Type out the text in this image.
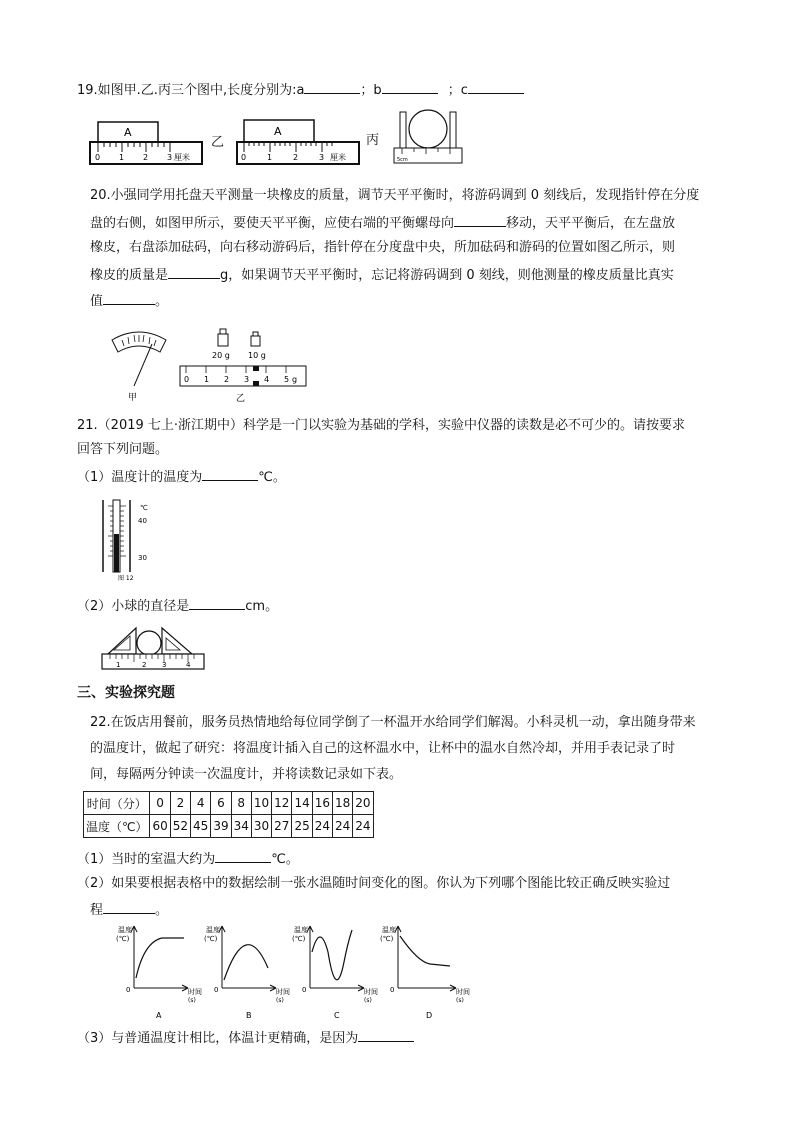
19.如图甲.乙.丙三个图中,长度分别为:a	；b	；c
A
0 1 2 3 厘米
乙
A
0	1	2	3 厘米
丙
5cm
20.小强同学用托盘天平测量一块橡皮的质量，调节天平平衡时，将游码调到 0 刻线后，发现指针停在分度
盘的右侧，如图甲所示，要使天平平衡，应使右端的平衡螺母向	移动，天平平衡后，在左盘放
橡皮，右盘添加砝码，向右移动游码后，指针停在分度盘中央，所加砝码和游码的位置如图乙所示，则
橡皮的质量是	g，如果调节天平平衡时，忘记将游码调到 0 刻线，则他测量的橡皮质量比真实
值	。
甲
20 g 10 g
0 1 2 3 4 5 g
乙
21.（2019 七上·浙江期中）科学是一门以实验为基础的学科，实验中仪器的读数是必不可少的。请按要求
回答下列问题。
（1）温度计的温度为	℃。
℃
40
30
图 12
（2）小球的直径是	cm。
1	2 3	4
三、实验探究题
22.在饭店用餐前，服务员热情地给每位同学倒了一杯温开水给同学们解渴。小科灵机一动，拿出随身带来
的温度计，做起了研究：将温度计插入自己的这杯温水中，让杯中的温水自然冷却，并用手表记录了时
间，每隔两分钟读一次温度计，并将读数记录如下表。
时间（分）	0	2	4	6	8	10	12	14	16	18	20
温度（℃）	60	52	45	39	34	30	27	25	24	24	24
（1）当时的室温大约为	℃。
（2）如果要根据表格中的数据绘制一张水温随时间变化的图。你认为下列哪个图能比较正确反映实验过
程	。
温度
(℃)
0	时间
(s)
A
温度
(℃)
0	时间
(s)
B
温度
(℃)
0	时间
(s)
C
温度
(℃)
0	时间
(s)
D
（3）与普通温度计相比，体温计更精确，是因为
